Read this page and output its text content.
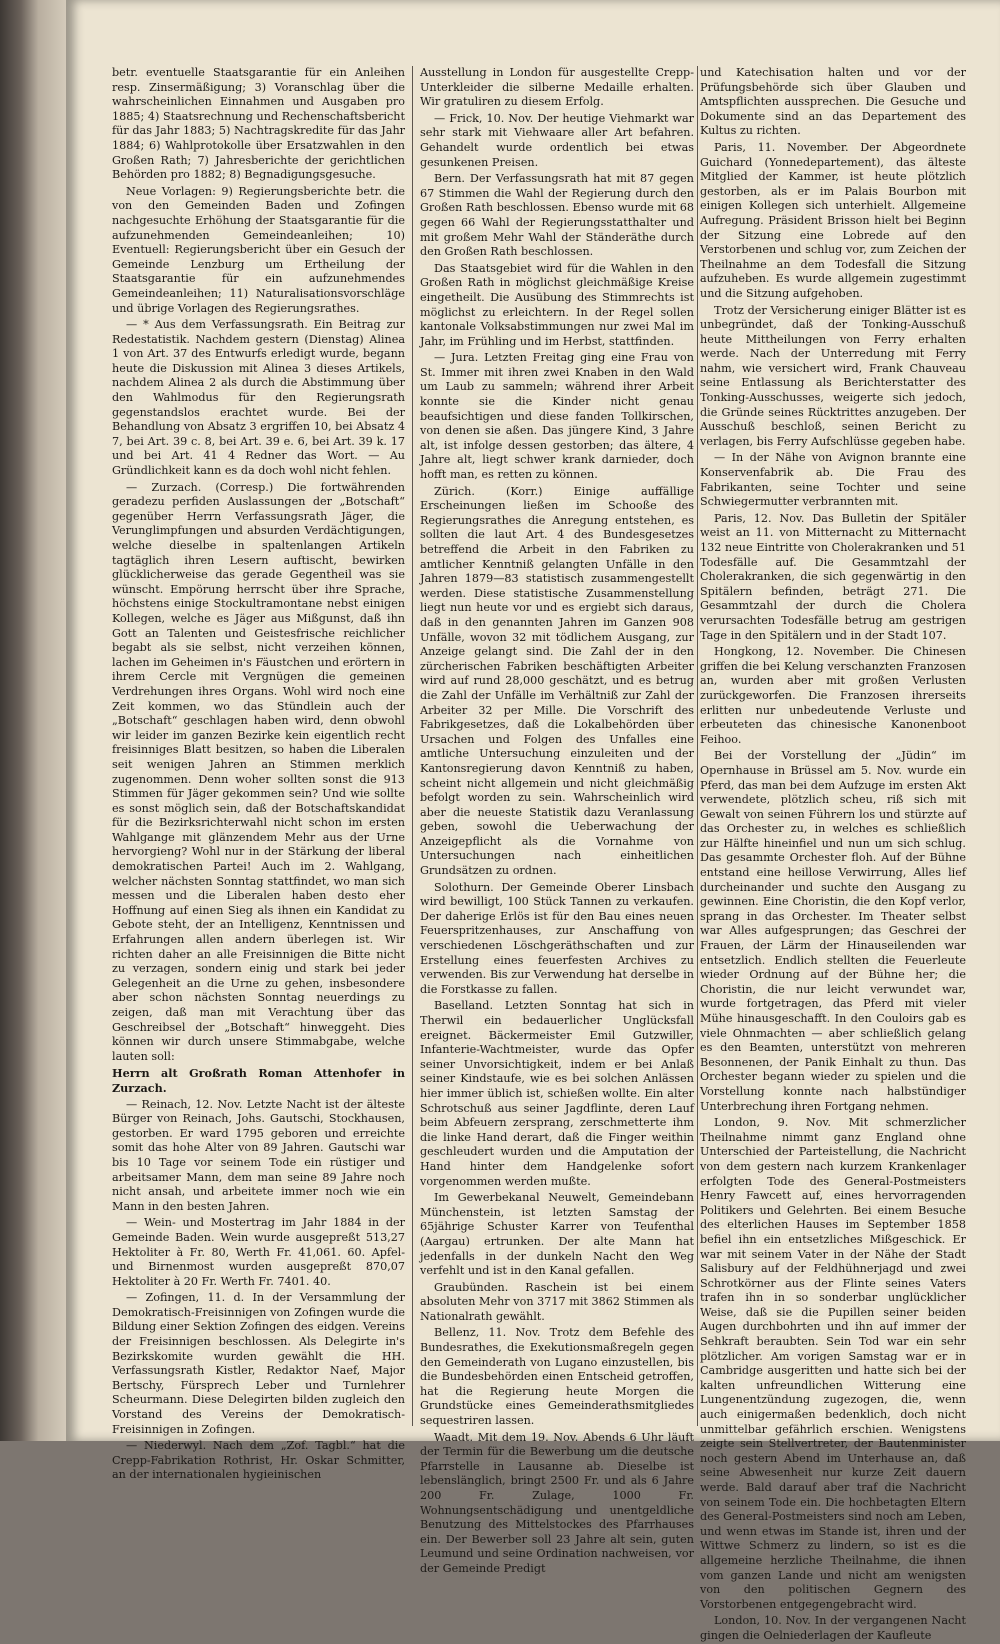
betr. eventuelle Staatsgarantie für ein Anleihen resp. Zinsermäßigung; 3) Voranschlag über die wahrscheinlichen Einnahmen und Ausgaben pro 1885; 4) Staatsrechnung und Rechenschaftsbericht für das Jahr 1883; 5) Nachtragskredite für das Jahr 1884; 6) Wahlprotokolle über Ersatzwahlen in den Großen Rath; 7) Jahresberichte der gerichtlichen Behörden pro 1882; 8) Begnadigungsgesuche.

Neue Vorlagen: 9) Regierungsberichte betr. die von den Gemeinden Baden und Zofingen nachgesuchte Erhöhung der Staatsgarantie für die aufzunehmenden Gemeindeanleihen; 10) Eventuell: Regierungsbericht über ein Gesuch der Gemeinde Lenzburg um Ertheilung der Staatsgarantie für ein aufzunehmendes Gemeindeanleihen; 11) Naturalisationsvorschläge und übrige Vorlagen des Regierungsrathes.

— * Aus dem Verfassungsrath. Ein Beitrag zur Redestatistik. Nachdem gestern (Dienstag) Alinea 1 von Art. 37 des Entwurfs erledigt wurde, begann heute die Diskussion mit Alinea 3 dieses Artikels, nachdem Alinea 2 als durch die Abstimmung über den Wahlmodus für den Regierungsrath gegenstandslos erachtet wurde. Bei der Behandlung von Absatz 3 ergriffen 10, bei Absatz 4 7, bei Art. 39 c. 8, bei Art. 39 e. 6, bei Art. 39 k. 17 und bei Art. 41 4 Redner das Wort. — Au Gründlichkeit kann es da doch wohl nicht fehlen.

— Zurzach. (Corresp.) Die fortwährenden geradezu perfiden Auslassungen der „Botschaft“ gegenüber Herrn Verfassungsrath Jäger, die Verunglimpfungen und absurden Verdächtigungen, welche dieselbe in spaltenlangen Artikeln tagtäglich ihren Lesern auftischt, bewirken glücklicherweise das gerade Gegentheil was sie wünscht. Empörung herrscht über ihre Sprache, höchstens einige Stockultramontane nebst einigen Kollegen, welche es Jäger aus Mißgunst, daß ihn Gott an Talenten und Geistesfrische reichlicher begabt als sie selbst, nicht verzeihen können, lachen im Geheimen in's Fäustchen und erörtern in ihrem Cercle mit Vergnügen die gemeinen Verdrehungen ihres Organs. Wohl wird noch eine Zeit kommen, wo das Stündlein auch der „Botschaft“ geschlagen haben wird, denn obwohl wir leider im ganzen Bezirke kein eigentlich recht freisinniges Blatt besitzen, so haben die Liberalen seit wenigen Jahren an Stimmen merklich zugenommen. Denn woher sollten sonst die 913 Stimmen für Jäger gekommen sein? Und wie sollte es sonst möglich sein, daß der Botschaftskandidat für die Bezirksrichterwahl nicht schon im ersten Wahlgange mit glänzendem Mehr aus der Urne hervorgieng? Wohl nur in der Stärkung der liberal demokratischen Partei! Auch im 2. Wahlgang, welcher nächsten Sonntag stattfindet, wo man sich messen und die Liberalen haben desto eher Hoffnung auf einen Sieg als ihnen ein Kandidat zu Gebote steht, der an Intelligenz, Kenntnissen und Erfahrungen allen andern überlegen ist. Wir richten daher an alle Freisinnigen die Bitte nicht zu verzagen, sondern einig und stark bei jeder Gelegenheit an die Urne zu gehen, insbesondere aber schon nächsten Sonntag neuerdings zu zeigen, daß man mit Verachtung über das Geschreibsel der „Botschaft“ hinweggeht. Dies können wir durch unsere Stimmabgabe, welche lauten soll:

Herrn alt Großrath Roman Attenhofer in Zurzach.

— Reinach, 12. Nov. Letzte Nacht ist der älteste Bürger von Reinach, Johs. Gautschi, Stockhausen, gestorben. Er ward 1795 geboren und erreichte somit das hohe Alter von 89 Jahren. Gautschi war bis 10 Tage vor seinem Tode ein rüstiger und arbeitsamer Mann, dem man seine 89 Jahre noch nicht ansah, und arbeitete immer noch wie ein Mann in den besten Jahren.

— Wein- und Mostertrag im Jahr 1884 in der Gemeinde Baden. Wein wurde ausgepreßt 513,27 Hektoliter à Fr. 80, Werth Fr. 41,061. 60. Apfel- und Birnenmost wurden ausgepreßt 870,07 Hektoliter à 20 Fr. Werth Fr. 7401. 40.

— Zofingen, 11. d. In der Versammlung der Demokratisch-Freisinnigen von Zofingen wurde die Bildung einer Sektion Zofingen des eidgen. Vereins der Freisinnigen beschlossen. Als Delegirte in's Bezirkskomite wurden gewählt die HH. Verfassungsrath Kistler, Redaktor Naef, Major Bertschy, Fürsprech Leber und Turnlehrer Scheurmann. Diese Delegirten bilden zugleich den Vorstand des Vereins der Demokratisch-Freisinnigen in Zofingen.

— Niederwyl. Nach dem „Zof. Tagbl.“ hat die Crepp-Fabrikation Rothrist, Hr. Oskar Schmitter, an der internationalen hygieinischen

Ausstellung in London für ausgestellte Crepp-Unterkleider die silberne Medaille erhalten. Wir gratuliren zu diesem Erfolg.

— Frick, 10. Nov. Der heutige Viehmarkt war sehr stark mit Viehwaare aller Art befahren. Gehandelt wurde ordentlich bei etwas gesunkenen Preisen.

Bern. Der Verfassungsrath hat mit 87 gegen 67 Stimmen die Wahl der Regierung durch den Großen Rath beschlossen. Ebenso wurde mit 68 gegen 66 Wahl der Regierungsstatthalter und mit großem Mehr Wahl der Ständeräthe durch den Großen Rath beschlossen.

Das Staatsgebiet wird für die Wahlen in den Großen Rath in möglichst gleichmäßige Kreise eingetheilt. Die Ausübung des Stimmrechts ist möglichst zu erleichtern. In der Regel sollen kantonale Volksabstimmungen nur zwei Mal im Jahr, im Frühling und im Herbst, stattfinden.

— Jura. Letzten Freitag ging eine Frau von St. Immer mit ihren zwei Knaben in den Wald um Laub zu sammeln; während ihrer Arbeit konnte sie die Kinder nicht genau beaufsichtigen und diese fanden Tollkirschen, von denen sie aßen. Das jüngere Kind, 3 Jahre alt, ist infolge dessen gestorben; das ältere, 4 Jahre alt, liegt schwer krank darnieder, doch hofft man, es retten zu können.

Zürich. (Korr.) Einige auffällige Erscheinungen ließen im Schooße des Regierungsrathes die Anregung entstehen, es sollten die laut Art. 4 des Bundesgesetzes betreffend die Arbeit in den Fabriken zu amtlicher Kenntniß gelangten Unfälle in den Jahren 1879—83 statistisch zusammengestellt werden. Diese statistische Zusammenstellung liegt nun heute vor und es ergiebt sich daraus, daß in den genannten Jahren im Ganzen 908 Unfälle, wovon 32 mit tödlichem Ausgang, zur Anzeige gelangt sind. Die Zahl der in den zürcherischen Fabriken beschäftigten Arbeiter wird auf rund 28,000 geschätzt, und es betrug die Zahl der Unfälle im Verhältniß zur Zahl der Arbeiter 32 per Mille. Die Vorschrift des Fabrikgesetzes, daß die Lokalbehörden über Ursachen und Folgen des Unfalles eine amtliche Untersuchung einzuleiten und der Kantonsregierung davon Kenntniß zu haben, scheint nicht allgemein und nicht gleichmäßig befolgt worden zu sein. Wahrscheinlich wird aber die neueste Statistik dazu Veranlassung geben, sowohl die Ueberwachung der Anzeigepflicht als die Vornahme von Untersuchungen nach einheitlichen Grundsätzen zu ordnen.

Solothurn. Der Gemeinde Oberer Linsbach wird bewilligt, 100 Stück Tannen zu verkaufen. Der daherige Erlös ist für den Bau eines neuen Feuerspritzenhauses, zur Anschaffung von verschiedenen Löschgeräthschaften und zur Erstellung eines feuerfesten Archives zu verwenden. Bis zur Verwendung hat derselbe in die Forstkasse zu fallen.

Baselland. Letzten Sonntag hat sich in Therwil ein bedauerlicher Unglücksfall ereignet. Bäckermeister Emil Gutzwiller, Infanterie-Wachtmeister, wurde das Opfer seiner Unvorsichtigkeit, indem er bei Anlaß seiner Kindstaufe, wie es bei solchen Anlässen hier immer üblich ist, schießen wollte. Ein alter Schrotschuß aus seiner Jagdflinte, deren Lauf beim Abfeuern zersprang, zerschmetterte ihm die linke Hand derart, daß die Finger weithin geschleudert wurden und die Amputation der Hand hinter dem Handgelenke sofort vorgenommen werden mußte.

Im Gewerbekanal Neuwelt, Gemeindebann Münchenstein, ist letzten Samstag der 65jährige Schuster Karrer von Teufenthal (Aargau) ertrunken. Der alte Mann hat jedenfalls in der dunkeln Nacht den Weg verfehlt und ist in den Kanal gefallen.

Graubünden. Raschein ist bei einem absoluten Mehr von 3717 mit 3862 Stimmen als Nationalrath gewählt.

Bellenz, 11. Nov. Trotz dem Befehle des Bundesrathes, die Exekutionsmaßregeln gegen den Gemeinderath von Lugano einzustellen, bis die Bundesbehörden einen Entscheid getroffen, hat die Regierung heute Morgen die Grundstücke eines Gemeinderathsmitgliedes sequestriren lassen.

Waadt. Mit dem 19. Nov. Abends 6 Uhr läuft der Termin für die Bewerbung um die deutsche Pfarrstelle in Lausanne ab. Dieselbe ist lebenslänglich, bringt 2500 Fr. und als 6 Jahre 200 Fr. Zulage, 1000 Fr. Wohnungsentschädigung und unentgeldliche Benutzung des Mittelstockes des Pfarrhauses ein. Der Bewerber soll 23 Jahre alt sein, guten Leumund und seine Ordination nachweisen, vor der Gemeinde Predigt

und Katechisation halten und vor der Prüfungsbehörde sich über Glauben und Amtspflichten aussprechen. Die Gesuche und Dokumente sind an das Departement des Kultus zu richten.

Paris, 11. November. Der Abgeordnete Guichard (Yonnedepartement), das älteste Mitglied der Kammer, ist heute plötzlich gestorben, als er im Palais Bourbon mit einigen Kollegen sich unterhielt. Allgemeine Aufregung. Präsident Brisson hielt bei Beginn der Sitzung eine Lobrede auf den Verstorbenen und schlug vor, zum Zeichen der Theilnahme an dem Todesfall die Sitzung aufzuheben. Es wurde allgemein zugestimmt und die Sitzung aufgehoben.

Trotz der Versicherung einiger Blätter ist es unbegründet, daß der Tonking-Ausschuß heute Mittheilungen von Ferry erhalten werde. Nach der Unterredung mit Ferry nahm, wie versichert wird, Frank Chauveau seine Entlassung als Berichterstatter des Tonking-Ausschusses, weigerte sich jedoch, die Gründe seines Rücktrittes anzugeben. Der Ausschuß beschloß, seinen Bericht zu verlagen, bis Ferry Aufschlüsse gegeben habe.

— In der Nähe von Avignon brannte eine Konservenfabrik ab. Die Frau des Fabrikanten, seine Tochter und seine Schwiegermutter verbrannten mit.

Paris, 12. Nov. Das Bulletin der Spitäler weist an 11. von Mitternacht zu Mitternacht 132 neue Eintritte von Cholerakranken und 51 Todesfälle auf. Die Gesammtzahl der Cholerakranken, die sich gegenwärtig in den Spitälern befinden, beträgt 271. Die Gesammtzahl der durch die Cholera verursachten Todesfälle betrug am gestrigen Tage in den Spitälern und in der Stadt 107.

Hongkong, 12. November. Die Chinesen griffen die bei Kelung verschanzten Franzosen an, wurden aber mit großen Verlusten zurückgeworfen. Die Franzosen ihrerseits erlitten nur unbedeutende Verluste und erbeuteten das chinesische Kanonenboot Feihoo.

Bei der Vorstellung der „Jüdin“ im Opernhause in Brüssel am 5. Nov. wurde ein Pferd, das man bei dem Aufzuge im ersten Akt verwendete, plötzlich scheu, riß sich mit Gewalt von seinen Führern los und stürzte auf das Orchester zu, in welches es schließlich zur Hälfte hineinfiel und nun um sich schlug. Das gesammte Orchester floh. Auf der Bühne entstand eine heillose Verwirrung, Alles lief durcheinander und suchte den Ausgang zu gewinnen. Eine Choristin, die den Kopf verlor, sprang in das Orchester. Im Theater selbst war Alles aufgesprungen; das Geschrei der Frauen, der Lärm der Hinauseilenden war entsetzlich. Endlich stellten die Feuerleute wieder Ordnung auf der Bühne her; die Choristin, die nur leicht verwundet war, wurde fortgetragen, das Pferd mit vieler Mühe hinausgeschafft. In den Couloirs gab es viele Ohnmachten — aber schließlich gelang es den Beamten, unterstützt von mehreren Besonnenen, der Panik Einhalt zu thun. Das Orchester begann wieder zu spielen und die Vorstellung konnte nach halbstündiger Unterbrechung ihren Fortgang nehmen.

London, 9. Nov. Mit schmerzlicher Theilnahme nimmt ganz England ohne Unterschied der Parteistellung, die Nachricht von dem gestern nach kurzem Krankenlager erfolgten Tode des General-Postmeisters Henry Fawcett auf, eines hervorragenden Politikers und Gelehrten. Bei einem Besuche des elterlichen Hauses im September 1858 befiel ihn ein entsetzliches Mißgeschick. Er war mit seinem Vater in der Nähe der Stadt Salisbury auf der Feldhühnerjagd und zwei Schrotkörner aus der Flinte seines Vaters trafen ihn in so sonderbar unglücklicher Weise, daß sie die Pupillen seiner beiden Augen durchbohrten und ihn auf immer der Sehkraft beraubten. Sein Tod war ein sehr plötzlicher. Am vorigen Samstag war er in Cambridge ausgeritten und hatte sich bei der kalten unfreundlichen Witterung eine Lungenentzündung zugezogen, die, wenn auch einigermaßen bedenklich, doch nicht unmittelbar gefährlich erschien. Wenigstens zeigte sein Stellvertreter, der Bautenminister noch gestern Abend im Unterhause an, daß seine Abwesenheit nur kurze Zeit dauern werde. Bald darauf aber traf die Nachricht von seinem Tode ein. Die hochbetagten Eltern des General-Postmeisters sind noch am Leben, und wenn etwas im Stande ist, ihren und der Wittwe Schmerz zu lindern, so ist es die allgemeine herzliche Theilnahme, die ihnen vom ganzen Lande und nicht am wenigsten von den politischen Gegnern des Vorstorbenen entgegengebracht wird.

London, 10. Nov. In der vergangenen Nacht gingen die Oelniederlagen der Kaufleute
